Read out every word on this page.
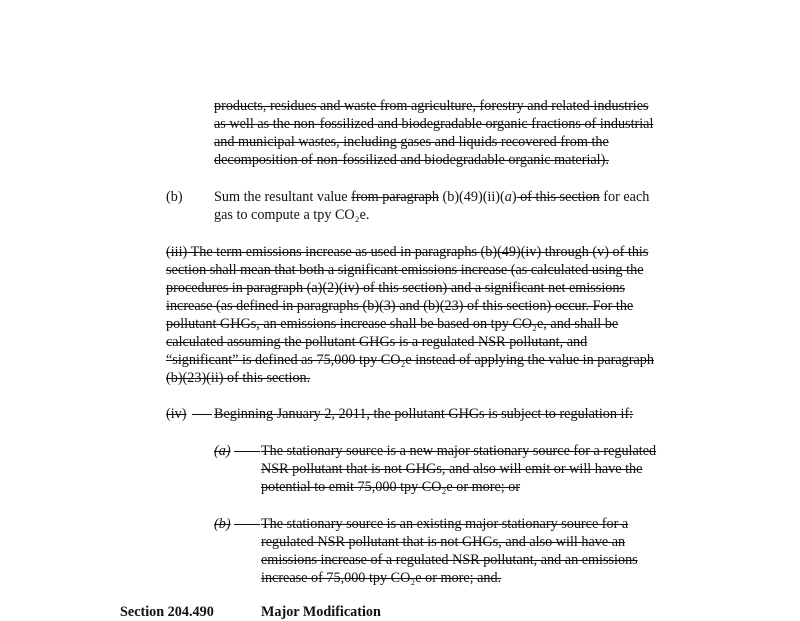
products, residues and waste from agriculture, forestry and related industries
as well as the non-fossilized and biodegradable organic fractions of industrial
and municipal wastes, including gases and liquids recovered from the
decomposition of non-fossilized and biodegradable organic material).
(b) Sum the resultant value from paragraph (b)(49)(ii)(a) of this section for each
gas to compute a tpy CO₂e.
(iii) The term emissions increase as used in paragraphs (b)(49)(iv) through (v) of this
section shall mean that both a significant emissions increase (as calculated using the
procedures in paragraph (a)(2)(iv) of this section) and a significant net emissions
increase (as defined in paragraphs (b)(3) and (b)(23) of this section) occur. For the
pollutant GHGs, an emissions increase shall be based on tpy CO₂e, and shall be
calculated assuming the pollutant GHGs is a regulated NSR pollutant, and
“significant” is defined as 75,000 tpy CO₂e instead of applying the value in paragraph
(b)(23)(ii) of this section.
(iv) Beginning January 2, 2011, the pollutant GHGs is subject to regulation if:
(a) The stationary source is a new major stationary source for a regulated
NSR pollutant that is not GHGs, and also will emit or will have the
potential to emit 75,000 tpy CO₂e or more; or
(b) The stationary source is an existing major stationary source for a
regulated NSR pollutant that is not GHGs, and also will have an
emissions increase of a regulated NSR pollutant, and an emissions
increase of 75,000 tpy CO₂e or more; and.
Section 204.490	Major Modification
